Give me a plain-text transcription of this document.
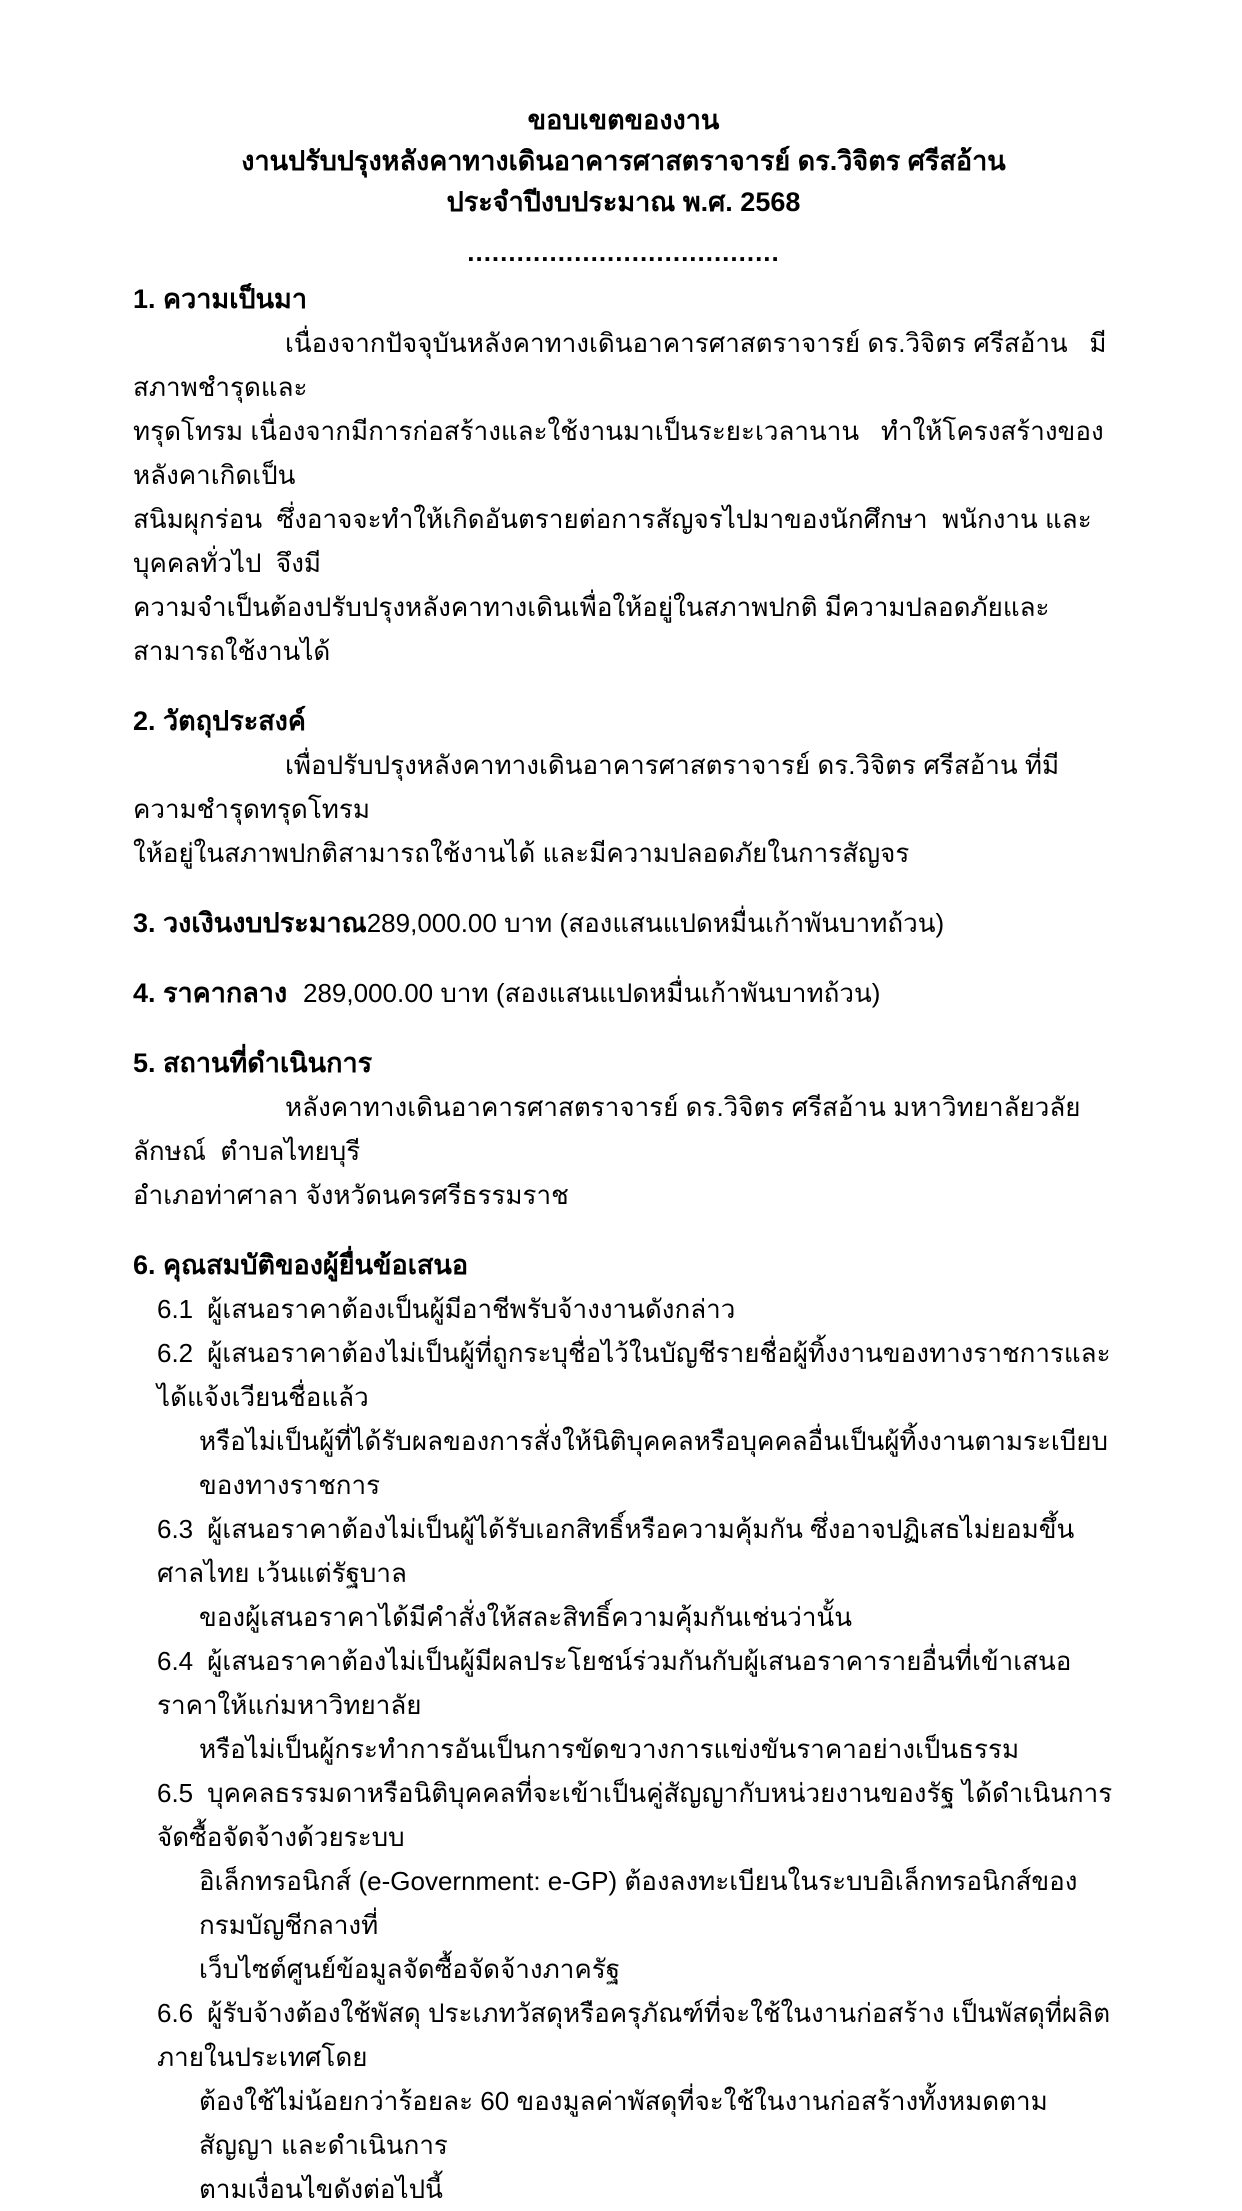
ขอบเขตของงาน
งานปรับปรุงหลังคาทางเดินอาคารศาสตราจารย์ ดร.วิจิตร ศรีสอ้าน
ประจำปีงบประมาณ พ.ศ. 2568
......................................
1. ความเป็นมา
เนื่องจากปัจจุบันหลังคาทางเดินอาคารศาสตราจารย์ ดร.วิจิตร ศรีสอ้าน   มีสภาพชำรุดและ
ทรุดโทรม เนื่องจากมีการก่อสร้างและใช้งานมาเป็นระยะเวลานาน   ทำให้โครงสร้างของหลังคาเกิดเป็น
สนิมผุกร่อน  ซึ่งอาจจะทำให้เกิดอันตรายต่อการสัญจรไปมาของนักศึกษา  พนักงาน และบุคคลทั่วไป  จึงมี
ความจำเป็นต้องปรับปรุงหลังคาทางเดินเพื่อให้อยู่ในสภาพปกติ มีความปลอดภัยและสามารถใช้งานได้
2. วัตถุประสงค์
เพื่อปรับปรุงหลังคาทางเดินอาคารศาสตราจารย์ ดร.วิจิตร ศรีสอ้าน ที่มีความชำรุดทรุดโทรม
ให้อยู่ในสภาพปกติสามารถใช้งานได้ และมีความปลอดภัยในการสัญจร
3. วงเงินงบประมาณ 289,000.00 บาท (สองแสนแปดหมื่นเก้าพันบาทถ้วน)
4. ราคากลาง 289,000.00 บาท (สองแสนแปดหมื่นเก้าพันบาทถ้วน)
5. สถานที่ดำเนินการ
หลังคาทางเดินอาคารศาสตราจารย์ ดร.วิจิตร ศรีสอ้าน มหาวิทยาลัยวลัยลักษณ์  ตำบลไทยบุรี
อำเภอท่าศาลา จังหวัดนครศรีธรรมราช
6. คุณสมบัติของผู้ยื่นข้อเสนอ
6.1 ผู้เสนอราคาต้องเป็นผู้มีอาชีพรับจ้างงานดังกล่าว
6.2 ผู้เสนอราคาต้องไม่เป็นผู้ที่ถูกระบุชื่อไว้ในบัญชีรายชื่อผู้ทิ้งงานของทางราชการและได้แจ้งเวียนชื่อแล้ว
หรือไม่เป็นผู้ที่ได้รับผลของการสั่งให้นิติบุคคลหรือบุคคลอื่นเป็นผู้ทิ้งงานตามระเบียบของทางราชการ
6.3 ผู้เสนอราคาต้องไม่เป็นผู้ได้รับเอกสิทธิ์หรือความคุ้มกัน ซึ่งอาจปฏิเสธไม่ยอมขึ้นศาลไทย เว้นแต่รัฐบาล
ของผู้เสนอราคาได้มีคำสั่งให้สละสิทธิ์ความคุ้มกันเช่นว่านั้น
6.4 ผู้เสนอราคาต้องไม่เป็นผู้มีผลประโยชน์ร่วมกันกับผู้เสนอราคารายอื่นที่เข้าเสนอราคาให้แก่มหาวิทยาลัย
หรือไม่เป็นผู้กระทำการอันเป็นการขัดขวางการแข่งขันราคาอย่างเป็นธรรม
6.5 บุคคลธรรมดาหรือนิติบุคคลที่จะเข้าเป็นคู่สัญญากับหน่วยงานของรัฐ ได้ดำเนินการจัดซื้อจัดจ้างด้วยระบบ
อิเล็กทรอนิกส์ (e-Government: e-GP) ต้องลงทะเบียนในระบบอิเล็กทรอนิกส์ของกรมบัญชีกลางที่
เว็บไซต์ศูนย์ข้อมูลจัดซื้อจัดจ้างภาครัฐ
6.6 ผู้รับจ้างต้องใช้พัสดุ ประเภทวัสดุหรือครุภัณฑ์ที่จะใช้ในงานก่อสร้าง เป็นพัสดุที่ผลิตภายในประเทศโดย
ต้องใช้ไม่น้อยกว่าร้อยละ 60 ของมูลค่าพัสดุที่จะใช้ในงานก่อสร้างทั้งหมดตามสัญญา และดำเนินการ
ตามเงื่อนไขดังต่อไปนี้
